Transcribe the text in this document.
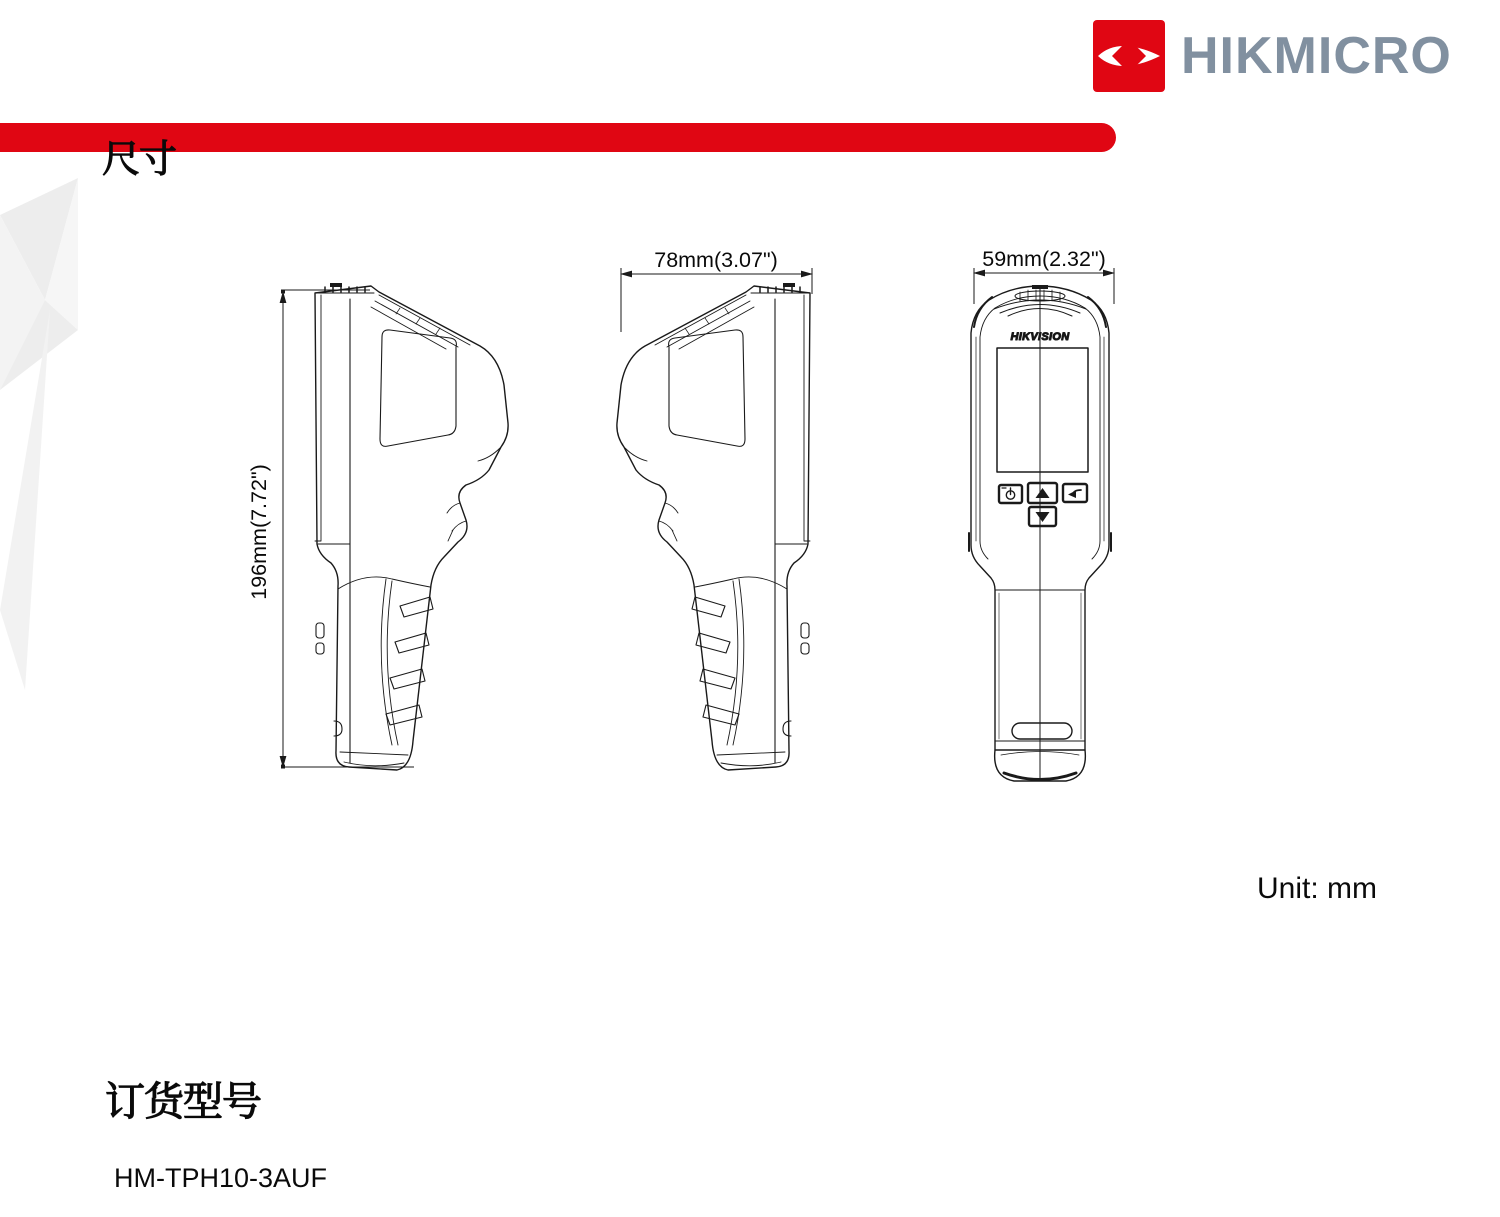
HIKMICRO
尺寸
HIKVISION
196mm(7.72")
78mm(3.07")	59mm(2.32")
Unit: mm
订货型号
HM-TPH10-3AUF
